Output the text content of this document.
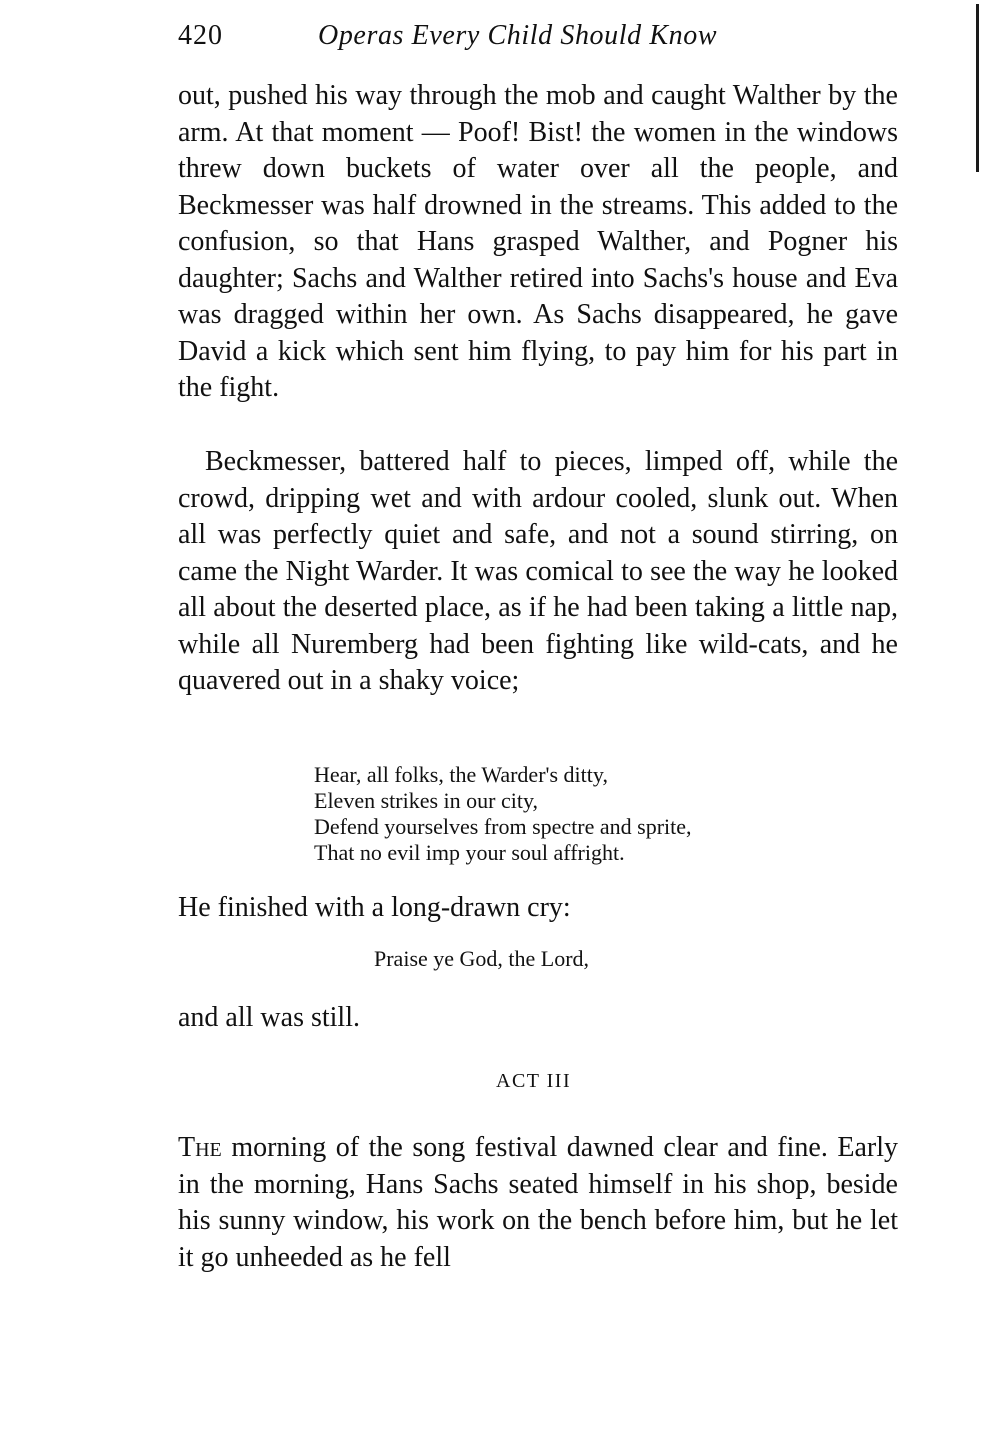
420	Operas Every Child Should Know

out, pushed his way through the mob and caught Walther by the arm. At that moment — Poof! Bist! the women in the windows threw down buckets of water over all the people, and Beckmesser was half drowned in the streams. This added to the confusion, so that Hans grasped Walther, and Pogner his daughter; Sachs and Walther retired into Sachs's house and Eva was dragged within her own. As Sachs disappeared, he gave David a kick which sent him flying, to pay him for his part in the fight.

Beckmesser, battered half to pieces, limped off, while the crowd, dripping wet and with ardour cooled, slunk out. When all was perfectly quiet and safe, and not a sound stirring, on came the Night Warder. It was comical to see the way he looked all about the deserted place, as if he had been taking a little nap, while all Nuremberg had been fighting like wild-cats, and he quavered out in a shaky voice;

Hear, all folks, the Warder's ditty,
Eleven strikes in our city,
Defend yourselves from spectre and sprite,
That no evil imp your soul affright.

He finished with a long-drawn cry:

Praise ye God, the Lord,

and all was still.

ACT III

The morning of the song festival dawned clear and fine. Early in the morning, Hans Sachs seated himself in his shop, beside his sunny window, his work on the bench before him, but he let it go unheeded as he fell
